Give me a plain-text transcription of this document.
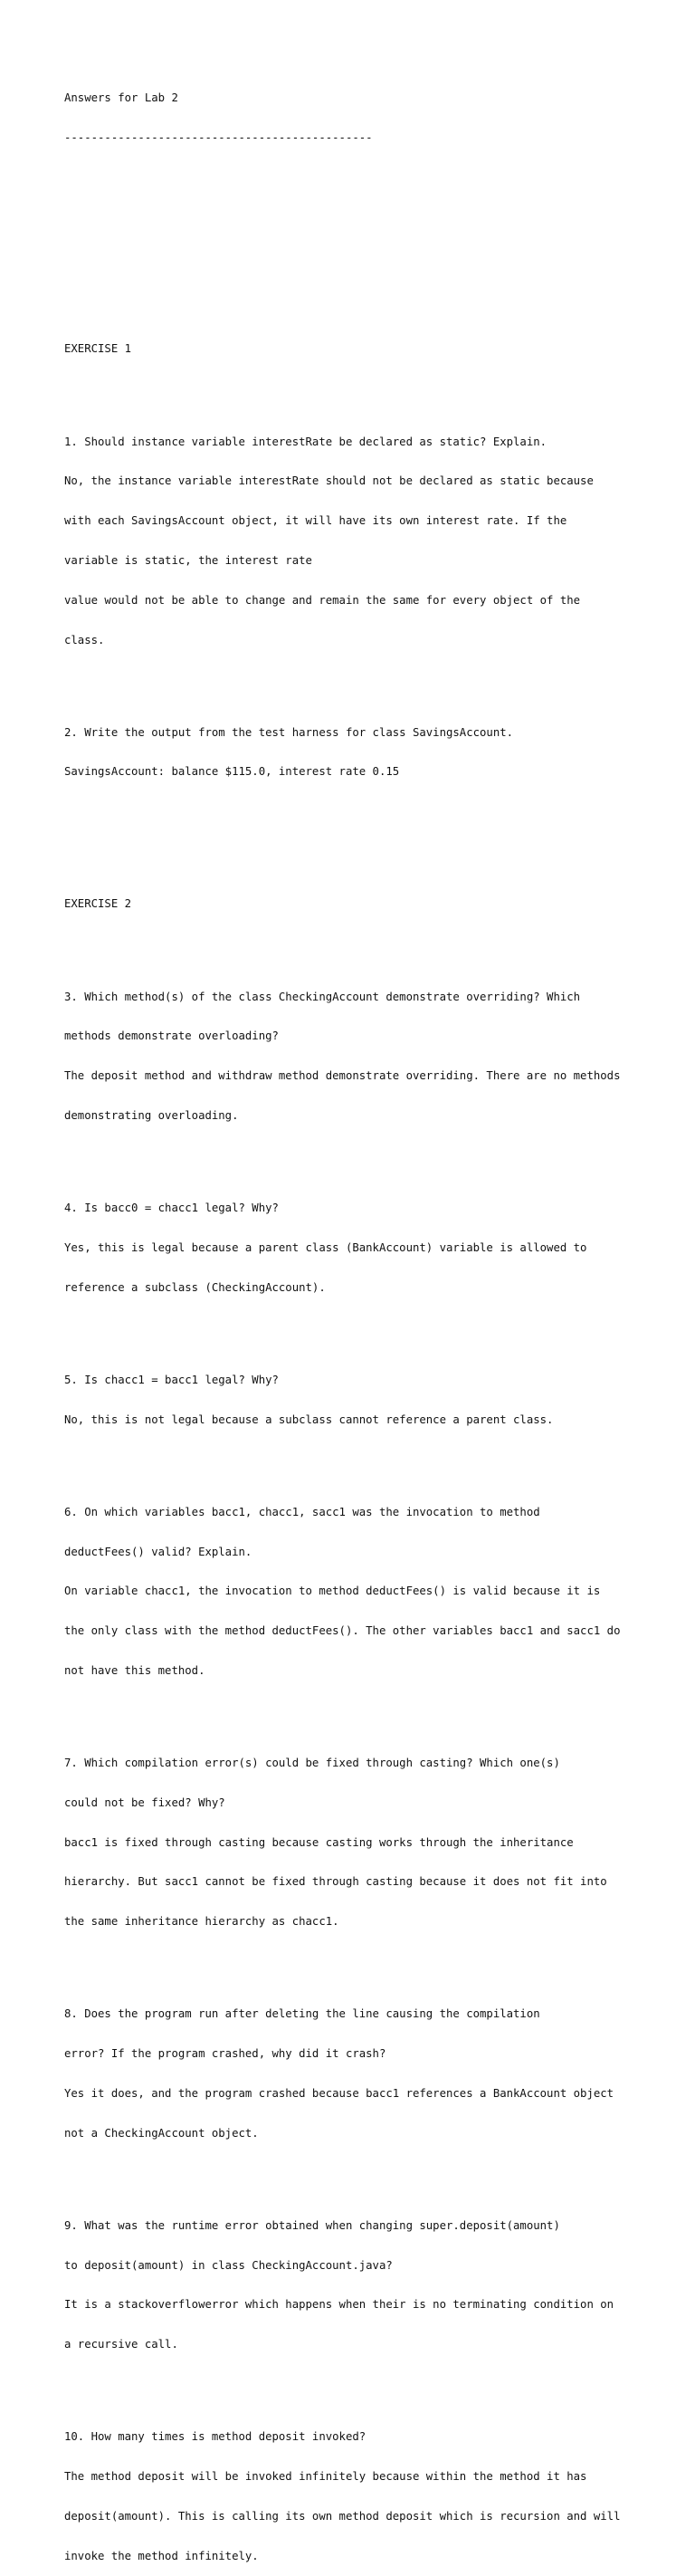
Answers for Lab 2

----------------------------------------------

EXERCISE 1

1. Should instance variable interestRate be declared as static? Explain.

No, the instance variable interestRate should not be declared as static because

with each SavingsAccount object, it will have its own interest rate. If the

variable is static, the interest rate

value would not be able to change and remain the same for every object of the

class.

2. Write the output from the test harness for class SavingsAccount.

SavingsAccount: balance $115.0, interest rate 0.15

EXERCISE 2

3. Which method(s) of the class CheckingAccount demonstrate overriding? Which

methods demonstrate overloading?

The deposit method and withdraw method demonstrate overriding. There are no methods

demonstrating overloading.

4. Is bacc0 = chacc1 legal? Why?

Yes, this is legal because a parent class (BankAccount) variable is allowed to

reference a subclass (CheckingAccount).

5. Is chacc1 = bacc1 legal? Why?

No, this is not legal because a subclass cannot reference a parent class.

6. On which variables bacc1, chacc1, sacc1 was the invocation to method

deductFees() valid? Explain.

On variable chacc1, the invocation to method deductFees() is valid because it is

the only class with the method deductFees(). The other variables bacc1 and sacc1 do

not have this method.

7. Which compilation error(s) could be fixed through casting? Which one(s)

could not be fixed? Why?

bacc1 is fixed through casting because casting works through the inheritance

hierarchy. But sacc1 cannot be fixed through casting because it does not fit into

the same inheritance hierarchy as chacc1.

8. Does the program run after deleting the line causing the compilation

error? If the program crashed, why did it crash?

Yes it does, and the program crashed because bacc1 references a BankAccount object

not a CheckingAccount object.

9. What was the runtime error obtained when changing super.deposit(amount)

to deposit(amount) in class CheckingAccount.java?

It is a stackoverflowerror which happens when their is no terminating condition on

a recursive call.

10. How many times is method deposit invoked?

The method deposit will be invoked infinitely because within the method it has

deposit(amount). This is calling its own method deposit which is recursion and will

invoke the method infinitely.
